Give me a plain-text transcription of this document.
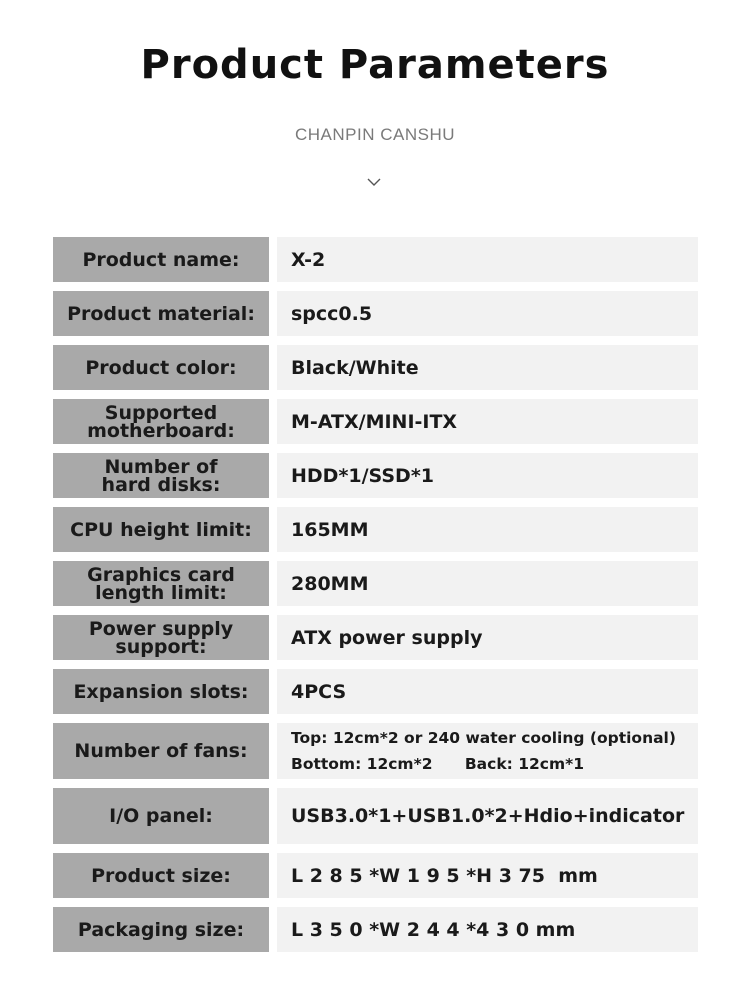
Product Parameters
CHANPIN CANSHU
Product name:	X-2
Product material:	spcc0.5
Product color:	Black/White
Supported
motherboard:	M-ATX/MINI-ITX
Number of
hard disks:	HDD*1/SSD*1
CPU height limit:	165MM
Graphics card
length limit:	280MM
Power supply
support:	ATX power supply
Expansion slots:	4PCS
Number of fans:
Top: 12cm*2 or 240 water cooling (optional)
Bottom: 12cm*2      Back: 12cm*1
I/O panel:	USB3.0*1+USB1.0*2+Hdio+indicator
Product size:	L 2 8 5 *W 1 9 5 *H 3 75  mm
Packaging size:	L 3 5 0 *W 2 4 4 *4 3 0 mm
